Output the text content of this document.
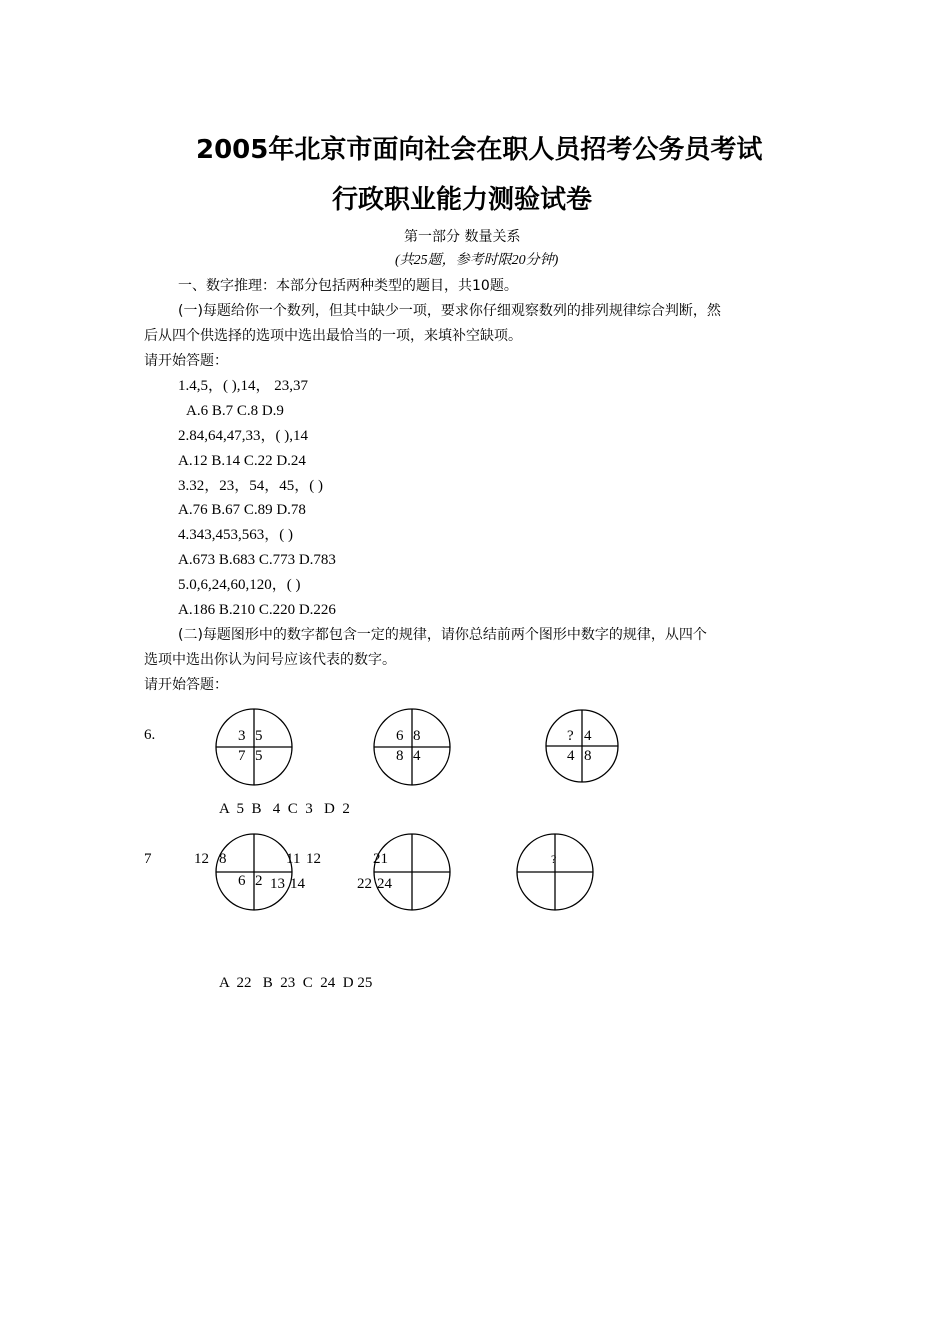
2005年北京市面向社会在职人员招考公务员考试
行政职业能力测验试卷
第一部分 数量关系
(共25题，参考时限20分钟)
一、数字推理：本部分包括两种类型的题目，共10题。
(一)每题给你一个数列，但其中缺少一项，要求你仔细观察数列的排列规律综合判断，然
后从四个供选择的选项中选出最恰当的一项，来填补空缺项。
请开始答题：
1.4,5，( ),14， 23,37
A.6 B.7 C.8 D.9
2.84,64,47,33，( ),14
A.12 B.14 C.22 D.24
3.32，23，54，45，( )
A.76 B.67 C.89 D.78
4.343,453,563，( )
A.673 B.683 C.773 D.783
5.0,6,24,60,120，( )
A.186 B.210 C.220 D.226
(二)每题图形中的数字都包含一定的规律，请你总结前两个图形中数字的规律，从四个
选项中选出你认为问号应该代表的数字。
请开始答题：
6.	3 5
7 5
6 8
8 4
? 4
4 8
A  5  B   4  C  3   D  2
7	12 8
6 2
11 12
13 14
21
22 24
?
A  22   B  23  C  24  D 25
